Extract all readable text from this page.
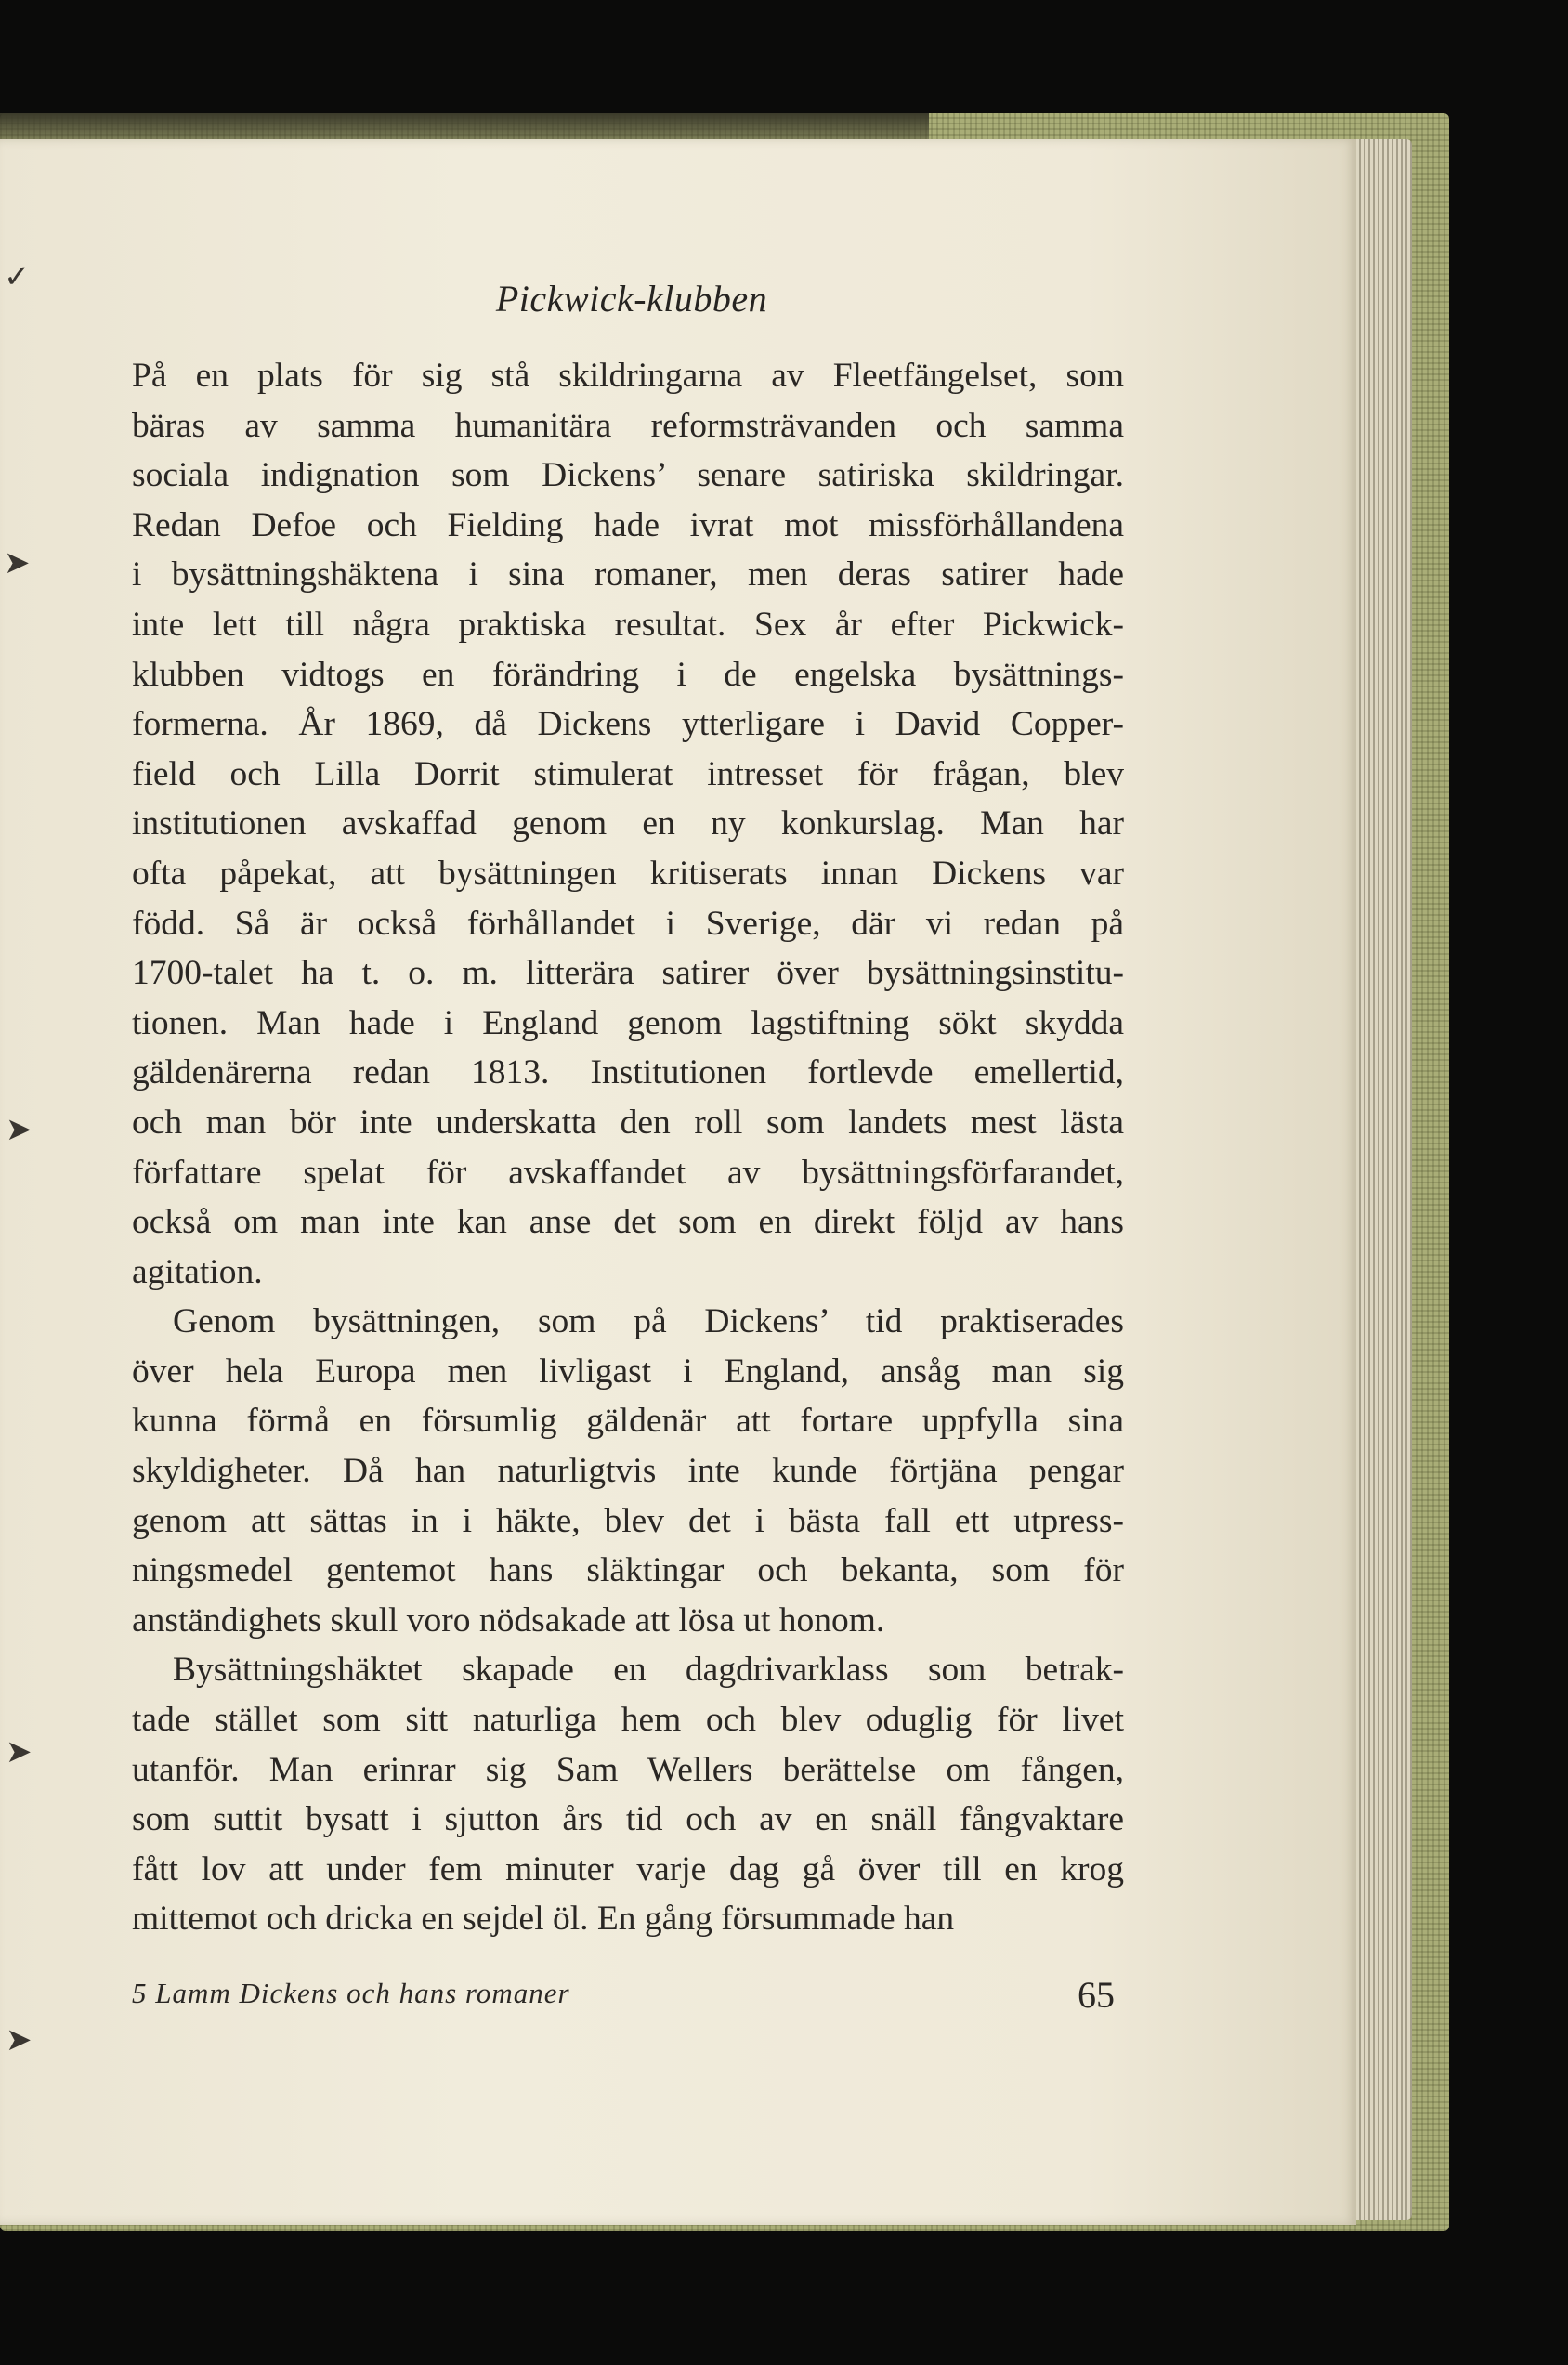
✓
➤
➤
➤
➤
Pickwick-klubben
På en plats för sig stå skildringarna av Fleetfängelset, som
bäras av samma humanitära reformsträvanden och samma
sociala indignation som Dickens’ senare satiriska skildringar.
Redan Defoe och Fielding hade ivrat mot missförhållandena
i bysättningshäktena i sina romaner, men deras satirer hade
inte lett till några praktiska resultat. Sex år efter Pickwick-
klubben vidtogs en förändring i de engelska bysättnings-
formerna. År 1869, då Dickens ytterligare i David Copper-
field och Lilla Dorrit stimulerat intresset för frågan, blev
institutionen avskaffad genom en ny konkurslag. Man har
ofta påpekat, att bysättningen kritiserats innan Dickens var
född. Så är också förhållandet i Sverige, där vi redan på
1700-talet ha t. o. m. litterära satirer över bysättningsinstitu-
tionen. Man hade i England genom lagstiftning sökt skydda
gäldenärerna redan 1813. Institutionen fortlevde emellertid,
och man bör inte underskatta den roll som landets mest lästa
författare spelat för avskaffandet av bysättningsförfarandet,
också om man inte kan anse det som en direkt följd av hans
agitation.
Genom bysättningen, som på Dickens’ tid praktiserades
över hela Europa men livligast i England, ansåg man sig
kunna förmå en försumlig gäldenär att fortare uppfylla sina
skyldigheter. Då han naturligtvis inte kunde förtjäna pengar
genom att sättas in i häkte, blev det i bästa fall ett utpress-
ningsmedel gentemot hans släktingar och bekanta, som för
anständighets skull voro nödsakade att lösa ut honom.
Bysättningshäktet skapade en dagdrivarklass som betrak-
tade stället som sitt naturliga hem och blev oduglig för livet
utanför. Man erinrar sig Sam Wellers berättelse om fången,
som suttit bysatt i sjutton års tid och av en snäll fångvaktare
fått lov att under fem minuter varje dag gå över till en krog
mittemot och dricka en sejdel öl. En gång försummade han
5 Lamm Dickens och hans romaner	65
